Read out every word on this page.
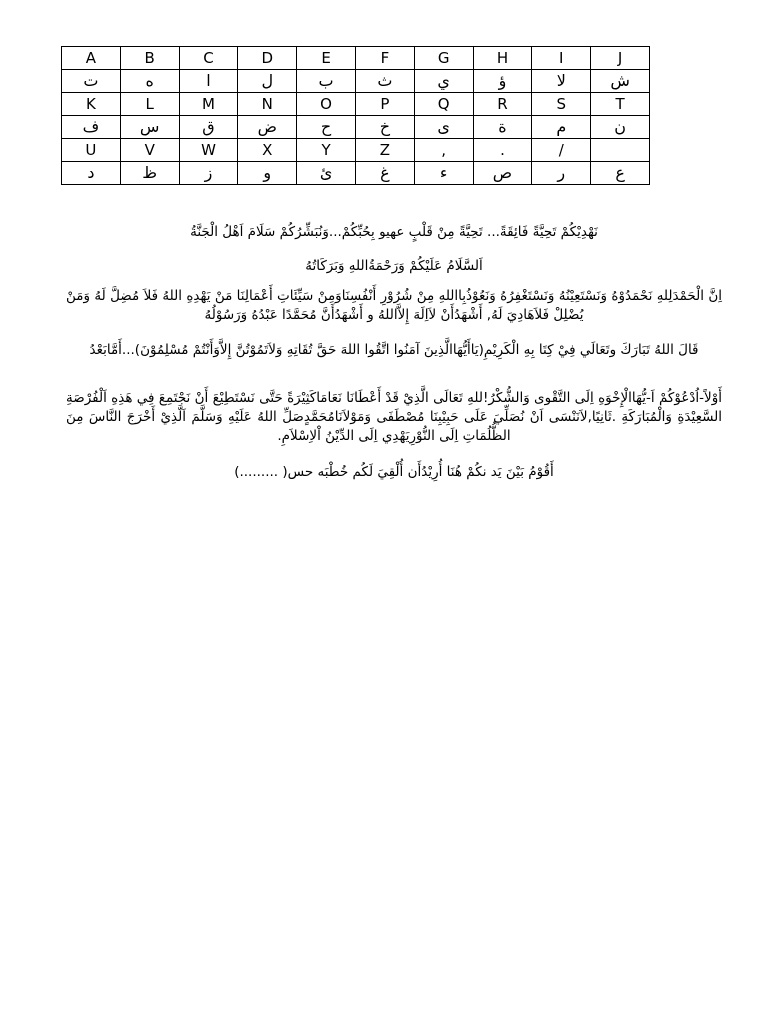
A	B	C	D	E	F	G	H	I	J
ت	ه	ا	ل	ب	ث	ي	ؤ	لا	ش
K	L	M	N	O	P	Q	R	S	T
ف	س	ق	ض	ح	خ	ى	ة	م	ن
U	V	W	X	Y	Z	,	.	/	
د	ظ	ز	و	ئ	غ	ء	ص	ر	ع
نَهْدِيْكُمْ تَحِيَّةً فَائِقَةً... تَحِيَّةً مِنْ قَلْبٍ عهيو بِحُبِّكُمْ...وَنُبَشِّرُكُمْ سَلَامَ اَهْلُ الْجَنَّةُ
اَلسَّلَامُ عَلَيْكُمْ وَرَحْمَةُاللهِ وَبَرَكَاتُهُ
اِنَّ الْحَمْدَلِلهِ نَحْمَدُوْهُ وَنَسْتَعِيْنُهُ وَنَسْتَغْفِرُهُ وَنَعُوْذُبِااللهِ مِنْ شُرُوْرِ أَنْفُسِنَاوَمِنْ سَيِّئَاتِ أَعْمَالِنَا مَنْ يَهْدِهِ اللهُ فَلاَ مُضِلَّ لَهُ وَمَنْ يُضْلِلْ فَلاَهَادِيَ لَهُ, أَشْهَدُأَنْ لاَاِلَهَ إِلاَّاللهُ و أَشْهَدُأَنَّ مُحَمَّدًا عَبْدُهُ وَرَسُوْلُهُ
قَالَ اللهُ تَبَارَكَ وتَعَالَي فِيْ كِتَا بِهِ الْكَرِيْمِ(يَاأَيُّهَاالَّذِينَ آمَنُوا اتَّقُوا اللهَ حَقَّ تُقَاتِهِ وَلاَتَمُوْتُنَّ إِلاَّوَأَنْتُمْ مُسْلِمُوْنَ)...أَمَّابَعْدُ
أَوْلاً-اُدْعُوْكُمْ اَ-يُّهَاالْإِخْوَهِ اِلَى التَّقْوى وَالشُّكْرُ!للهِ تَعَالَى الَّذِيْ قَدْ أَعْطَانَا نَعَامَاكَثِيْرَةً حَتَّى نَسْتَطِيْعَ أَنْ نَجْتَمِعَ فِي هَذِهِ اَلْفُرْصَةِ السَّعِيْدَةِ وَالْمُبَارَكَةِ .ثَانِيًا,لاَنَنْسَى اَنْ نُصَلِّيَ عَلَى حَبِيْبِنَا مُصْطَفَى وَمَوْلاَنَامُحَمَّدٍصَلِّ اللهُ عَلَيْهِ وَسَلَّمَ اَلَّذِيْ أَخْرَجَ النَّاسَ مِنَ الظُّلُمَاتِ اِلَى النُّوْرِيَهْدِي اِلَى الدِّيْنُ اْلاِسْلاَمِ.
أَقُوْمُ بَيْنَ يَد نكُمْ هُنَا أُرِيْدُأَن أُلْقِيَ لَكُم خُطْبَه حس( .........)
